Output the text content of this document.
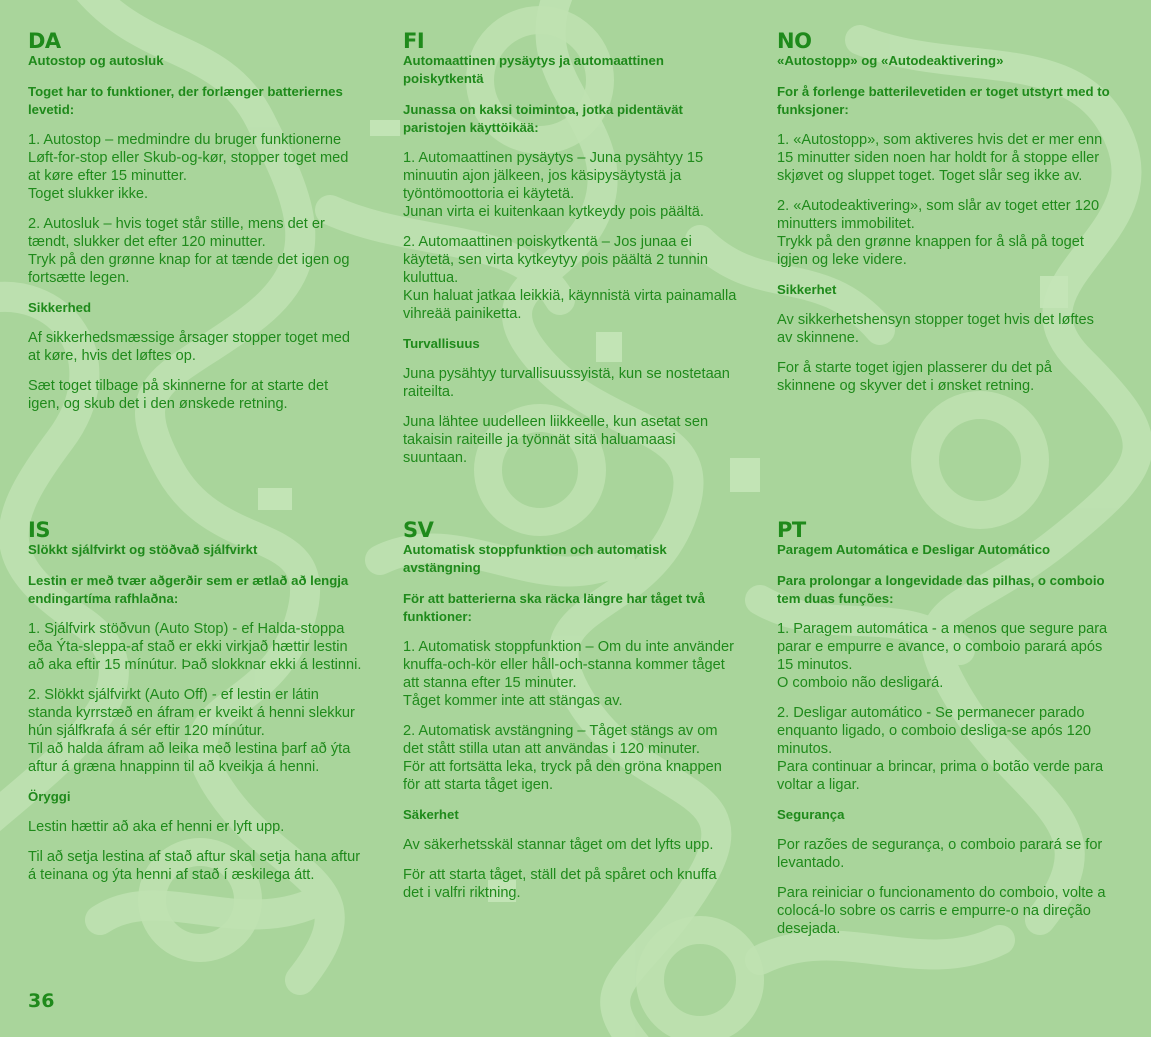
DA
Autostop og autosluk
Toget har to funktioner, der forlænger batteriernes levetid:
1. Autostop – medmindre du bruger funktionerne Løft-for-stop eller Skub-og-kør, stopper toget med at køre efter 15 minutter.
Toget slukker ikke.
2. Autosluk – hvis toget står stille, mens det er tændt, slukker det efter 120 minutter.
Tryk på den grønne knap for at tænde det igen og fortsætte legen.
Sikkerhed
Af sikkerhedsmæssige årsager stopper toget med at køre, hvis det løftes op.
Sæt toget tilbage på skinnerne for at starte det igen, og skub det i den ønskede retning.
FI
Automaattinen pysäytys ja automaattinen poiskytkentä
Junassa on kaksi toimintoa, jotka pidentävät paristojen käyttöikää:
1. Automaattinen pysäytys – Juna pysähtyy 15 minuutin ajon jälkeen, jos käsipysäytystä ja työntömoottoria ei käytetä.
Junan virta ei kuitenkaan kytkeydy pois päältä.
2. Automaattinen poiskytkentä – Jos junaa ei käytetä, sen virta kytkeytyy pois päältä 2 tunnin kuluttua.
Kun haluat jatkaa leikkiä, käynnistä virta painamalla vihreää painiketta.
Turvallisuus
Juna pysähtyy turvallisuussyistä, kun se nostetaan raiteilta.
Juna lähtee uudelleen liikkeelle, kun asetat sen takaisin raiteille ja työnnät sitä haluamaasi suuntaan.
NO
«Autostopp» og «Autodeaktivering»
For å forlenge batterilevetiden er toget utstyrt med to funksjoner:
1. «Autostopp», som aktiveres hvis det er mer enn 15 minutter siden noen har holdt for å stoppe eller skjøvet og sluppet toget. Toget slår seg ikke av.
2. «Autodeaktivering», som slår av toget etter 120 minutters immobilitet.
Trykk på den grønne knappen for å slå på toget igjen og leke videre.
Sikkerhet
Av sikkerhetshensyn stopper toget hvis det løftes av skinnene.
For å starte toget igjen plasserer du det på skinnene og skyver det i ønsket retning.
IS
Slökkt sjálfvirkt og stöðvað sjálfvirkt
Lestin er með tvær aðgerðir sem er ætlað að lengja endingartíma rafhlaðna:
1. Sjálfvirk stöðvun (Auto Stop) - ef Halda-stoppa eða Ýta-sleppa-af stað er ekki virkjað hættir lestin að aka eftir 15 mínútur. Það slokknar ekki á lestinni.
2. Slökkt sjálfvirkt (Auto Off) - ef lestin er látin standa kyrrstæð en áfram er kveikt á henni slekkur hún sjálfkrafa á sér eftir 120 mínútur.
Til að halda áfram að leika með lestina þarf að ýta aftur á græna hnappinn til að kveikja á henni.
Öryggi
Lestin hættir að aka ef henni er lyft upp.
Til að setja lestina af stað aftur skal setja hana aftur á teinana og ýta henni af stað í æskilega átt.
SV
Automatisk stoppfunktion och automatisk avstängning
För att batterierna ska räcka längre har tåget två funktioner:
1. Automatisk stoppfunktion – Om du inte använder knuffa-och-kör eller håll-och-stanna kommer tåget att stanna efter 15 minuter.
Tåget kommer inte att stängas av.
2. Automatisk avstängning – Tåget stängs av om det stått stilla utan att användas i 120 minuter.
För att fortsätta leka, tryck på den gröna knappen för att starta tåget igen.
Säkerhet
Av säkerhetsskäl stannar tåget om det lyfts upp.
För att starta tåget, ställ det på spåret och knuffa det i valfri riktning.
PT
Paragem Automática e Desligar Automático
Para prolongar a longevidade das pilhas, o comboio tem duas funções:
1. Paragem automática - a menos que segure para parar e empurre e avance, o comboio parará após 15 minutos.
O comboio não desligará.
2. Desligar automático - Se permanecer parado enquanto ligado, o comboio desliga-se após 120 minutos.
Para continuar a brincar, prima o botão verde para voltar a ligar.
Segurança
Por razões de segurança, o comboio parará se for levantado.
Para reiniciar o funcionamento do comboio, volte a colocá-lo sobre os carris e empurre-o na direção desejada.
36
